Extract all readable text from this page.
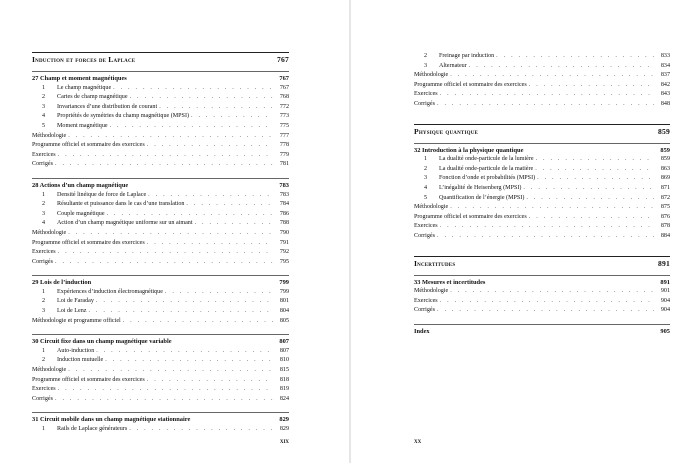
Induction et forces de Laplace	767
27 Champ et moment magnétiques	767
1	Le champ magnétique . . .	767
2	Cartes de champ magnétique . . .	768
3	Invariances d’une distribution de courant . . .	772
4	Propriétés de symétries du champ magnétique (MPSI) . . .	773
5	Moment magnétique . . .	775
Méthodologie . . .	777
Programme officiel et sommaire des exercices . . .	778
Exercices . . .	779
Corrigés . . .	781
28 Actions d’un champ magnétique	783
1	Densité linéique de force de Laplace . . .	783
2	Résultante et puissance dans le cas d’une translation . . .	784
3	Couple magnétique . . .	786
4	Action d’un champ magnétique uniforme sur un aimant . . .	788
Méthodologie . . .	790
Programme officiel et sommaire des exercices . . .	791
Exercices . . .	792
Corrigés . . .	795
29 Lois de l’induction	799
1	Expériences d’induction électromagnétique . . .	799
2	Loi de Faraday . . .	801
3	Loi de Lenz . . .	804
Méthodologie et programme officiel . . .	805
30 Circuit fixe dans un champ magnétique variable	807
1	Auto-induction . . .	807
2	Induction mutuelle . . .	810
Méthodologie . . .	815
Programme officiel et sommaire des exercices . . .	818
Exercices . . .	819
Corrigés . . .	824
31 Circuit mobile dans un champ magnétique stationnaire	829
1	Rails de Laplace générateurs . . .	829
xix
2	Freinage par induction . . .	833
3	Alternateur . . .	834
Méthodologie . . .	837
Programme officiel et sommaire des exercices . . .	842
Exercices . . .	843
Corrigés . . .	848
Physique quantique	859
32 Introduction à la physique quantique	859
1	La dualité onde-particule de la lumière . . .	859
2	La dualité onde-particule de la matière . . .	863
3	Fonction d’onde et probabilités (MPSI) . . .	869
4	L’inégalité de Heisenberg (MPSI) . . .	871
5	Quantification de l’énergie (MPSI) . . .	872
Méthodologie . . .	875
Programme officiel et sommaire des exercices . . .	876
Exercices . . .	878
Corrigés . . .	884
Incertitudes	891
33 Mesures et incertitudes	891
Méthodologie . . .	901
Exercices . . .	904
Corrigés . . .	904
Index	905
xx
